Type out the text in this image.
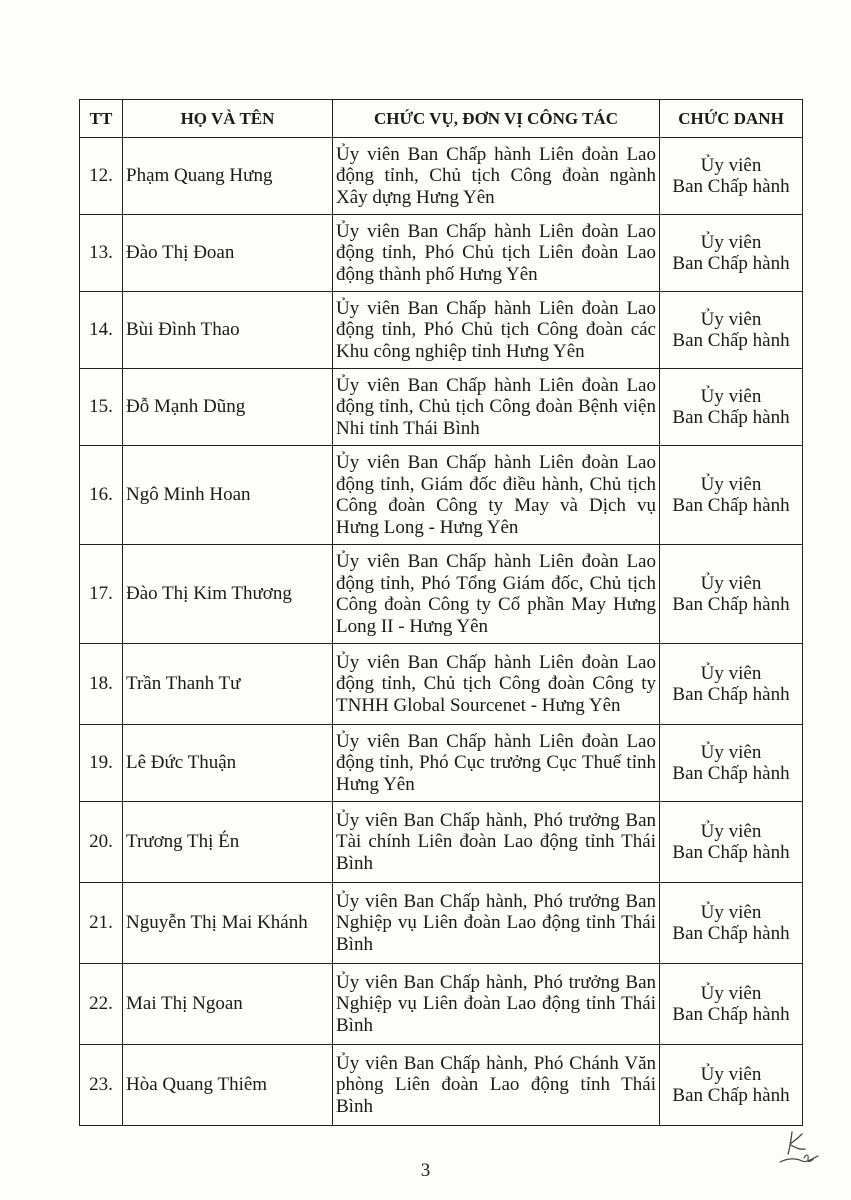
TT	HỌ VÀ TÊN	CHỨC VỤ, ĐƠN VỊ CÔNG TÁC	CHỨC DANH
12.	Phạm Quang Hưng	Ủy viên Ban Chấp hành Liên đoàn Lao động tỉnh, Chủ tịch Công đoàn ngành Xây dựng Hưng Yên	Ủy viên
Ban Chấp hành
13.	Đào Thị Đoan	Ủy viên Ban Chấp hành Liên đoàn Lao động tỉnh, Phó Chủ tịch Liên đoàn Lao động thành phố Hưng Yên	Ủy viên
Ban Chấp hành
14.	Bùi Đình Thao	Ủy viên Ban Chấp hành Liên đoàn Lao động tỉnh, Phó Chủ tịch Công đoàn các Khu công nghiệp tỉnh Hưng Yên	Ủy viên
Ban Chấp hành
15.	Đỗ Mạnh Dũng	Ủy viên Ban Chấp hành Liên đoàn Lao động tỉnh, Chủ tịch Công đoàn Bệnh viện Nhi tỉnh Thái Bình	Ủy viên
Ban Chấp hành
16.	Ngô Minh Hoan	Ủy viên Ban Chấp hành Liên đoàn Lao động tỉnh, Giám đốc điều hành, Chủ tịch Công đoàn Công ty May và Dịch vụ Hưng Long - Hưng Yên	Ủy viên
Ban Chấp hành
17.	Đào Thị Kim Thương	Ủy viên Ban Chấp hành Liên đoàn Lao động tỉnh, Phó Tổng Giám đốc, Chủ tịch Công đoàn Công ty Cổ phần May Hưng Long II - Hưng Yên	Ủy viên
Ban Chấp hành
18.	Trần Thanh Tư	Ủy viên Ban Chấp hành Liên đoàn Lao động tỉnh, Chủ tịch Công đoàn Công ty TNHH Global Sourcenet - Hưng Yên	Ủy viên
Ban Chấp hành
19.	Lê Đức Thuận	Ủy viên Ban Chấp hành Liên đoàn Lao động tỉnh, Phó Cục trưởng Cục Thuế tỉnh Hưng Yên	Ủy viên
Ban Chấp hành
20.	Trương Thị Én	Ủy viên Ban Chấp hành, Phó trưởng Ban Tài chính Liên đoàn Lao động tỉnh Thái Bình	Ủy viên
Ban Chấp hành
21.	Nguyễn Thị Mai Khánh	Ủy viên Ban Chấp hành, Phó trưởng Ban Nghiệp vụ Liên đoàn Lao động tỉnh Thái Bình	Ủy viên
Ban Chấp hành
22.	Mai Thị Ngoan	Ủy viên Ban Chấp hành, Phó trưởng Ban Nghiệp vụ Liên đoàn Lao động tỉnh Thái Bình	Ủy viên
Ban Chấp hành
23.	Hòa Quang Thiêm	Ủy viên Ban Chấp hành, Phó Chánh Văn phòng Liên đoàn Lao động tỉnh Thái Bình	Ủy viên
Ban Chấp hành
3
